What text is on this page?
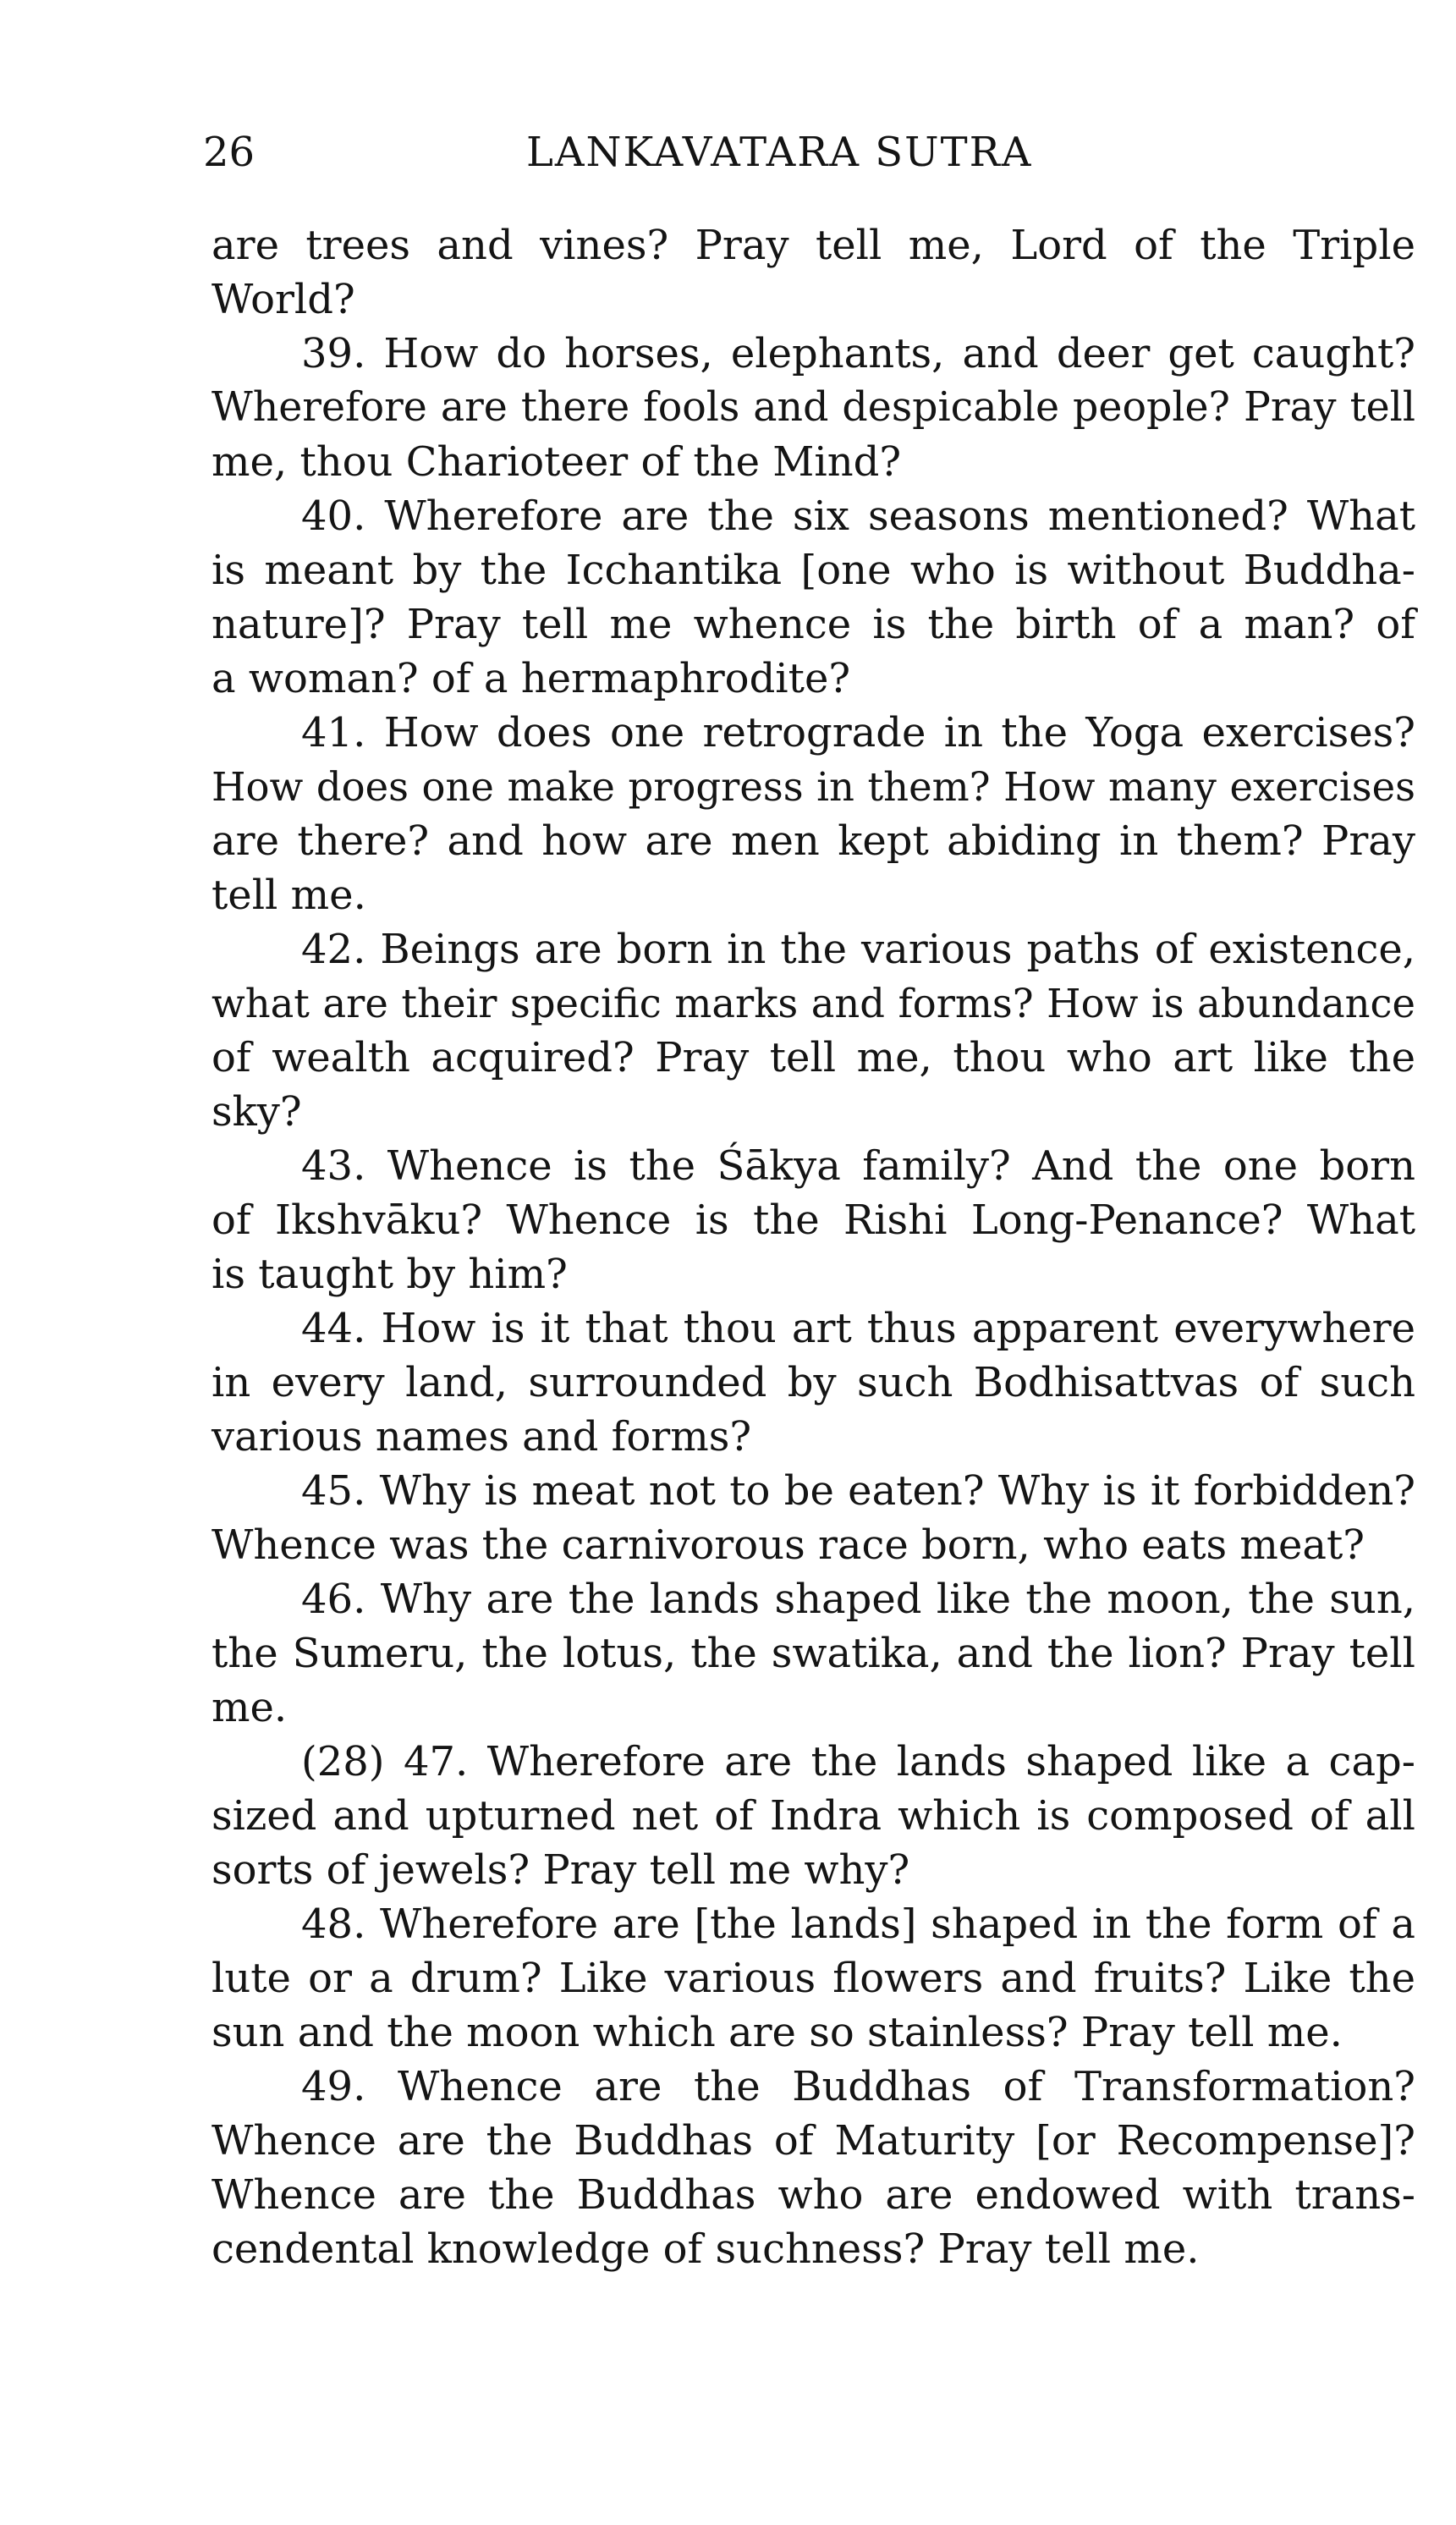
26	LANKAVATARA SUTRA
are trees and vines? Pray tell me, Lord of the Triple
World?
39. How do horses, elephants, and deer get caught?
Wherefore are there fools and despicable people? Pray tell
me, thou Charioteer of the Mind?
40. Wherefore are the six seasons mentioned? What
is meant by the Icchantika [one who is without Buddha-
nature]? Pray tell me whence is the birth of a man? of
a woman? of a hermaphrodite?
41. How does one retrograde in the Yoga exercises?
How does one make progress in them? How many exercises
are there? and how are men kept abiding in them? Pray
tell me.
42. Beings are born in the various paths of existence,
what are their specific marks and forms? How is abundance
of wealth acquired? Pray tell me, thou who art like the
sky?
43. Whence is the Śākya family? And the one born
of Ikshvāku? Whence is the Rishi Long-Penance? What
is taught by him?
44. How is it that thou art thus apparent everywhere
in every land, surrounded by such Bodhisattvas of such
various names and forms?
45. Why is meat not to be eaten? Why is it forbidden?
Whence was the carnivorous race born, who eats meat?
46. Why are the lands shaped like the moon, the sun,
the Sumeru, the lotus, the swatika, and the lion? Pray tell
me.
(28) 47. Wherefore are the lands shaped like a cap-
sized and upturned net of Indra which is composed of all
sorts of jewels? Pray tell me why?
48. Wherefore are [the lands] shaped in the form of a
lute or a drum? Like various flowers and fruits? Like the
sun and the moon which are so stainless? Pray tell me.
49. Whence are the Buddhas of Transformation?
Whence are the Buddhas of Maturity [or Recompense]?
Whence are the Buddhas who are endowed with trans-
cendental knowledge of suchness? Pray tell me.
